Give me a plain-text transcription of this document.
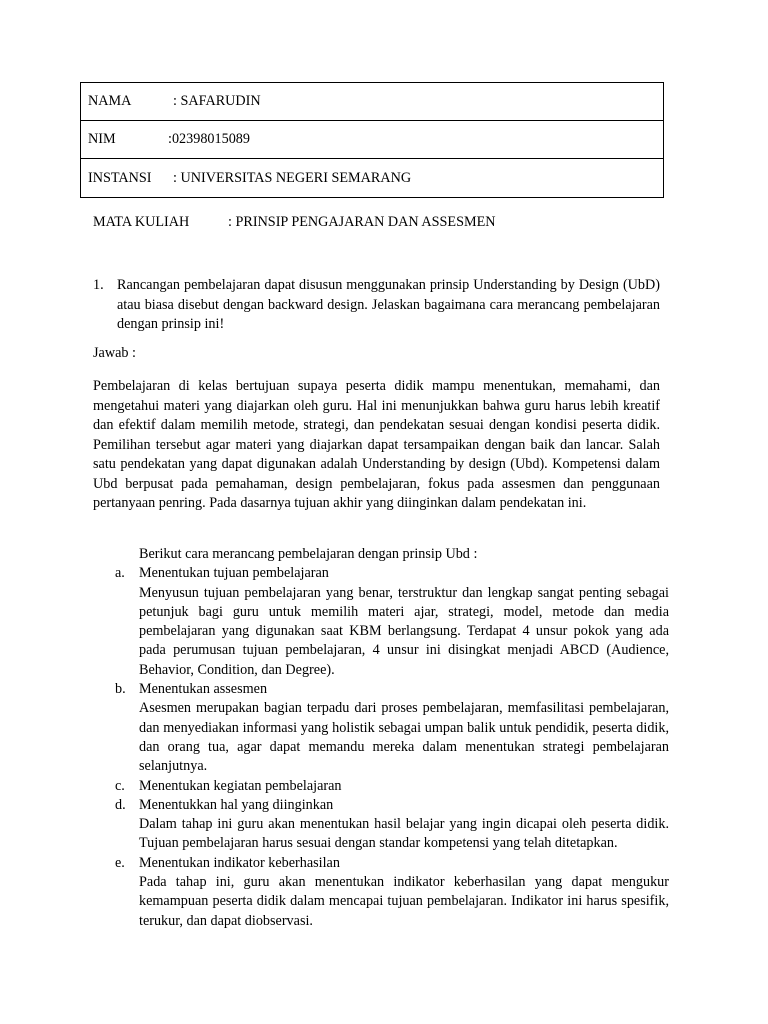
NAMA	: SAFARUDIN
NIM	:02398015089
INSTANSI	: UNIVERSITAS NEGERI SEMARANG
MATA KULIAH	: PRINSIP PENGAJARAN DAN ASSESMEN
1. Rancangan pembelajaran dapat disusun menggunakan prinsip Understanding by Design (UbD) atau biasa disebut dengan backward design. Jelaskan bagaimana cara merancang pembelajaran dengan prinsip ini!
Jawab :
Pembelajaran di kelas bertujuan supaya peserta didik mampu menentukan, memahami, dan mengetahui materi yang diajarkan oleh guru. Hal ini menunjukkan bahwa guru harus lebih kreatif dan efektif dalam memilih metode, strategi, dan pendekatan sesuai dengan kondisi peserta didik. Pemilihan tersebut agar materi yang diajarkan dapat tersampaikan dengan baik dan lancar. Salah satu pendekatan yang dapat digunakan adalah Understanding by design (Ubd). Kompetensi dalam Ubd berpusat pada pemahaman, design pembelajaran, fokus pada assesmen dan penggunaan pertanyaan penring. Pada dasarnya tujuan akhir yang diinginkan dalam pendekatan ini.
Berikut cara merancang pembelajaran dengan prinsip Ubd :
a. Menentukan tujuan pembelajaran
Menyusun tujuan pembelajaran yang benar, terstruktur dan lengkap sangat penting sebagai petunjuk bagi guru untuk memilih materi ajar, strategi, model, metode dan media pembelajaran yang digunakan saat KBM berlangsung. Terdapat 4 unsur pokok yang ada pada perumusan tujuan pembelajaran, 4 unsur ini disingkat menjadi ABCD (Audience, Behavior, Condition, dan Degree).
b. Menentukan assesmen
Asesmen merupakan bagian terpadu dari proses pembelajaran, memfasilitasi pembelajaran, dan menyediakan informasi yang holistik sebagai umpan balik untuk pendidik, peserta didik, dan orang tua, agar dapat memandu mereka dalam menentukan strategi pembelajaran selanjutnya.
c. Menentukan kegiatan pembelajaran
d. Menentukkan hal yang diinginkan
Dalam tahap ini guru akan menentukan hasil belajar yang ingin dicapai oleh peserta didik. Tujuan pembelajaran harus sesuai dengan standar kompetensi yang telah ditetapkan.
e. Menentukan indikator keberhasilan
Pada tahap ini, guru akan menentukan indikator keberhasilan yang dapat mengukur kemampuan peserta didik dalam mencapai tujuan pembelajaran. Indikator ini harus spesifik, terukur, dan dapat diobservasi.
